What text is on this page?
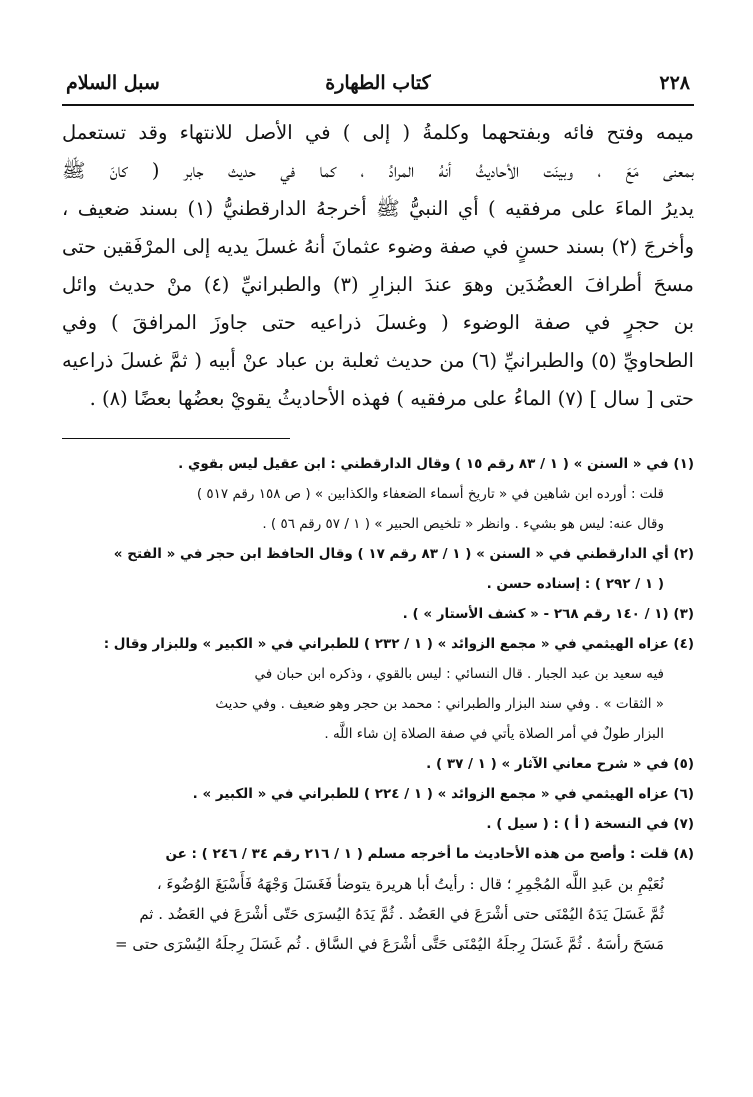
٢٢٨
كتاب الطهارة
سبل السلام
ميمه وفتح فائه وبفتحهما وكلمةُ ( إلى ) في الأصل للانتهاء وقد تستعمل
بمعنى مَعَ ، وبينَت الأحاديثُ أنهُ المرادُ ، كما في حديث جابر ( كانَ ﷺ
يديرُ الماءَ على مرفقيه ) أي النبيُّ ﷺ أخرجهُ الدارقطنيُّ (١) بسند ضعيف ،
وأخرجَ (٢) بسند حسنٍ في صفة وضوء عثمانَ أنهُ غسلَ يديه إلى المرْفَقين حتى
مسحَ أطرافَ العضُدَين وهوَ عندَ البزارِ (٣) والطبرانيِّ (٤) منْ حديث وائل
بن حجرٍ في صفة الوضوء ( وغسلَ ذراعيه حتى جاوزَ المرافقَ ) وفي
الطحاويِّ (٥) والطبرانيِّ (٦) من حديث ثعلبة بن عباد عنْ أبيه ( ثمَّ غسلَ ذراعيه
حتى [ سال ] (٧) الماءُ على مرفقيه ) فهذه الأحاديثُ يقويْ بعضُها بعضًا (٨) .
(١) في « السنن » ( ١ / ٨٣ رقم ١٥ ) وقال الدارقطني : ابن عقيل ليس بقوي .
قلت : أورده ابن شاهين في « تاريخ أسماء الضعفاء والكذابين » ( ص ١٥٨ رقم ٥١٧ )
وقال عنه: ليس هو بشيء . وانظر « تلخيص الحبير » ( ١ / ٥٧ رقم ٥٦ ) .
(٢) أي الدارقطني في « السنن » ( ١ / ٨٣ رقم ١٧ ) وقال الحافظ ابن حجر في « الفتح »
( ١ / ٢٩٢ ) : إسناده حسن .
(٣) (١ / ١٤٠ رقم ٢٦٨ - « كشف الأستار » ) .
(٤) عزاه الهيثمي في « مجمع الزوائد » ( ١ / ٢٣٢ ) للطبراني في « الكبير » وللبزار وقال :
فيه سعيد بن عبد الجبار . قال النسائي : ليس بالقوي ، وذكره ابن حبان في
« الثقات » . وفي سند البزار والطبراني : محمد بن حجر وهو ضعيف . وفي حديث
البزار طولٌ في أمر الصلاة يأتي في صفة الصلاة إن شاء اللَّه .
(٥) في « شرح معاني الآثار » ( ١ / ٣٧ ) .
(٦) عزاه الهيثمي في « مجمع الزوائد » ( ١ / ٢٢٤ ) للطبراني في « الكبير » .
(٧) في النسخة ( أ ) : ( سيل ) .
(٨) قلت : وأصح من هذه الأحاديث ما أخرجه مسلم ( ١ / ٢١٦ رقم ٣٤ / ٢٤٦ ) : عن
نُعَيْمِ بن عَبدِ اللَّه المُجْمِرِ ؛ قال : رأيتُ أبا هريرة يتوضأ فَغَسَلَ وَجْهَهُ فَأَسْبَغَ الوُضُوءَ ،
ثُمَّ غَسَلَ يَدَهُ اليُمْنَى حتى أشْرَعَ في العَضُد . ثُمَّ يَدَهُ اليُسرَى حَتّى أشْرَعَ في العَضُد . ثم
مَسَحَ رأسَهُ . ثُمَّ غَسَلَ رِجلَهُ اليُمْنَى حَتَّى أشْرَعَ في السَّاق . ثُم غَسَلَ رِجلَهُ اليُسْرَى حتى =
